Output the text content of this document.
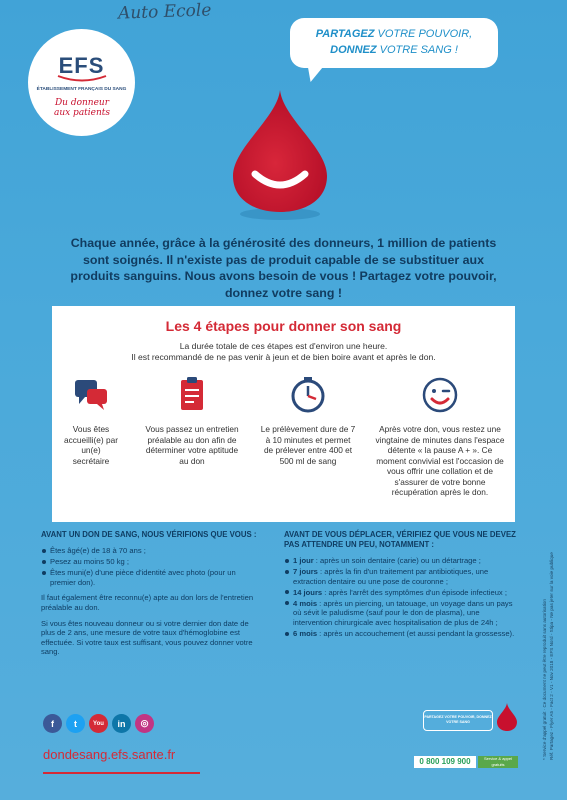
Auto Ecole
EFS
ÉTABLISSEMENT FRANÇAIS DU SANG
Du donneur
aux patients
PARTAGEZ VOTRE POUVOIR,
DONNEZ VOTRE SANG !
Chaque année, grâce à la générosité des donneurs, 1 million de patients sont soignés. Il n'existe pas de produit capable de se substituer aux produits sanguins. Nous avons besoin de vous ! Partagez votre pouvoir, donnez votre sang !
Les 4 étapes pour donner son sang
La durée totale de ces étapes est d'environ une heure.
Il est recommandé de ne pas venir à jeun et de bien boire avant et après le don.
Vous êtes accueilli(e) par un(e) secrétaire
Vous passez un entretien préalable au don afin de déterminer votre aptitude au don
Le prélèvement dure de 7 à 10 minutes et permet de prélever entre 400 et 500 ml de sang
Après votre don, vous restez une vingtaine de minutes dans l'espace détente « la pause A + ». Ce moment convivial est l'occasion de vous offrir une collation et de s'assurer de votre bonne récupération après le don.
AVANT UN DON DE SANG, NOUS VÉRIFIONS QUE VOUS :
Êtes âgé(e) de 18 à 70 ans ;
Pesez au moins 50 kg ;
Êtes muni(e) d'une pièce d'identité avec photo (pour un premier don).

Il faut également être reconnu(e) apte au don lors de l'entretien préalable au don.

Si vous êtes nouveau donneur ou si votre dernier don date de plus de 2 ans, une mesure de votre taux d'hémoglobine est effectuée. Si votre taux est suffisant, vous pouvez donner votre sang.

AVANT DE VOUS DÉPLACER, VÉRIFIEZ QUE VOUS NE DEVEZ PAS ATTENDRE UN PEU, NOTAMMENT :
1 jour : après un soin dentaire (carie) ou un détartrage ;
7 jours : après la fin d'un traitement par antibiotiques, une extraction dentaire ou une pose de couronne ;
14 jours : après l'arrêt des symptômes d'un épisode infectieux ;
4 mois : après un piercing, un tatouage, un voyage dans un pays où sévit le paludisme (sauf pour le don de plasma), une intervention chirurgicale avec hospitalisation de plus de 24h ;
6 mois : après un accouchement (et aussi pendant la grossesse).
f	t	You	in	◎
dondesang.efs.sante.fr
PARTAGEZ VOTRE POUVOIR, DONNEZ VOTRE SANG
0 800 109 900	Service & appel gratuits
Réf. Partagez - Flyer A5 - Fact 2 - V1 - Nov 2018 - EFS Nord - Stipa - Ne pas jeter sur la voie publique
* Service d'appel gratuit · Ce document ne peut être reproduit sans autorisation
